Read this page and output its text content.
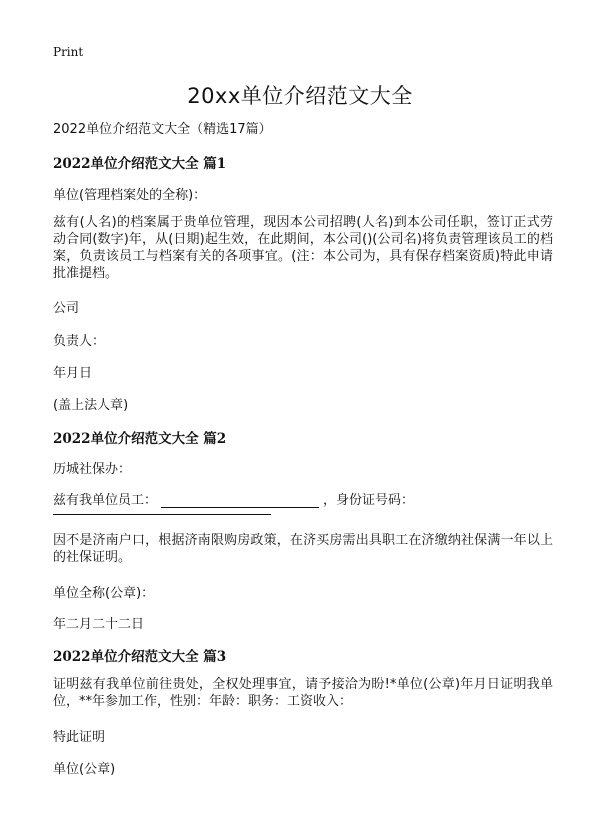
Print
20xx单位介绍范文大全
2022单位介绍范文大全（精选17篇）
2022单位介绍范文大全 篇1
单位(管理档案处的全称)：
兹有(人名)的档案属于贵单位管理，现因本公司招聘(人名)到本公司任职，签订正式劳动合同(数字)年，从(日期)起生效，在此期间，本公司()(公司名)将负责管理该员工的档案，负责该员工与档案有关的各项事宜。(注：本公司为，具有保存档案资质)特此申请批准提档。
公司
负责人：
年月日
(盖上法人章)
2022单位介绍范文大全 篇2
历城社保办：
兹有我单位员工：	，身份证号码：
因不是济南户口，根据济南限购房政策，在济买房需出具职工在济缴纳社保满一年以上的社保证明。
单位全称(公章)：
年二月二十二日
2022单位介绍范文大全 篇3
证明兹有我单位前往贵处，全权处理事宜，请予接洽为盼!*单位(公章)年月日证明我单位，**年参加工作，性别：年龄：职务：工资收入：
特此证明
单位(公章)
